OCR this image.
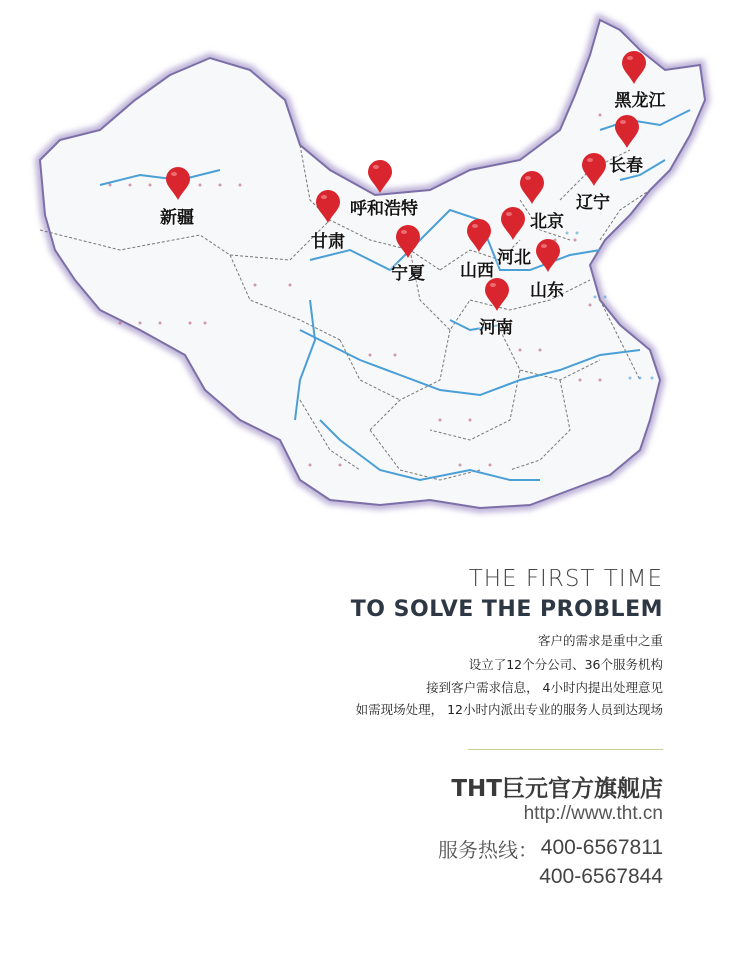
黑龙江
长春
辽宁
北京
呼和浩特
新疆
甘肃
宁夏 山西
河北
山东
河南
THE FIRST TIME
TO SOLVE THE PROBLEM
客户的需求是重中之重
设立了12个分公司、36个服务机构
接到客户需求信息， 4小时内提出处理意见
如需现场处理， 12小时内派出专业的服务人员到达现场
THT巨元官方旗舰店
http://www.tht.cn
服务热线： 400-6567811
400-6567844
